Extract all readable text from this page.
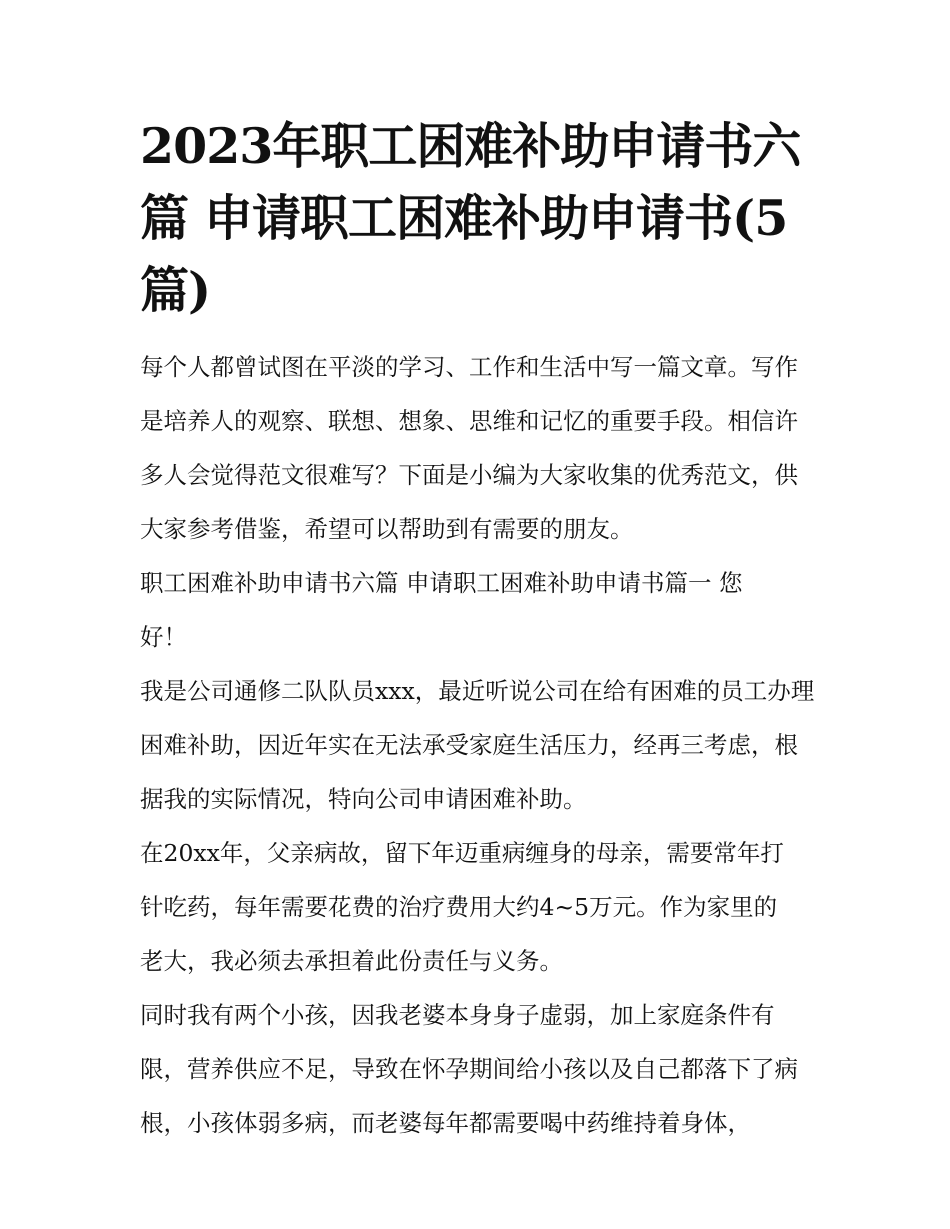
2023年职工困难补助申请书六篇 申请职工困难补助申请书(5篇)

每个人都曾试图在平淡的学习、工作和生活中写一篇文章。写作是培养人的观察、联想、想象、思维和记忆的重要手段。相信许多人会觉得范文很难写？下面是小编为大家收集的优秀范文，供大家参考借鉴，希望可以帮助到有需要的朋友。

职工困难补助申请书六篇 申请职工困难补助申请书篇一 您好！

我是公司通修二队队员xxx，最近听说公司在给有困难的员工办理困难补助，因近年实在无法承受家庭生活压力，经再三考虑，根据我的实际情况，特向公司申请困难补助。

在20xx年，父亲病故，留下年迈重病缠身的母亲，需要常年打针吃药，每年需要花费的治疗费用大约4~5万元。作为家里的老大，我必须去承担着此份责任与义务。

同时我有两个小孩，因我老婆本身身子虚弱，加上家庭条件有限，营养供应不足，导致在怀孕期间给小孩以及自己都落下了病根，小孩体弱多病，而老婆每年都需要喝中药维持着身体，
